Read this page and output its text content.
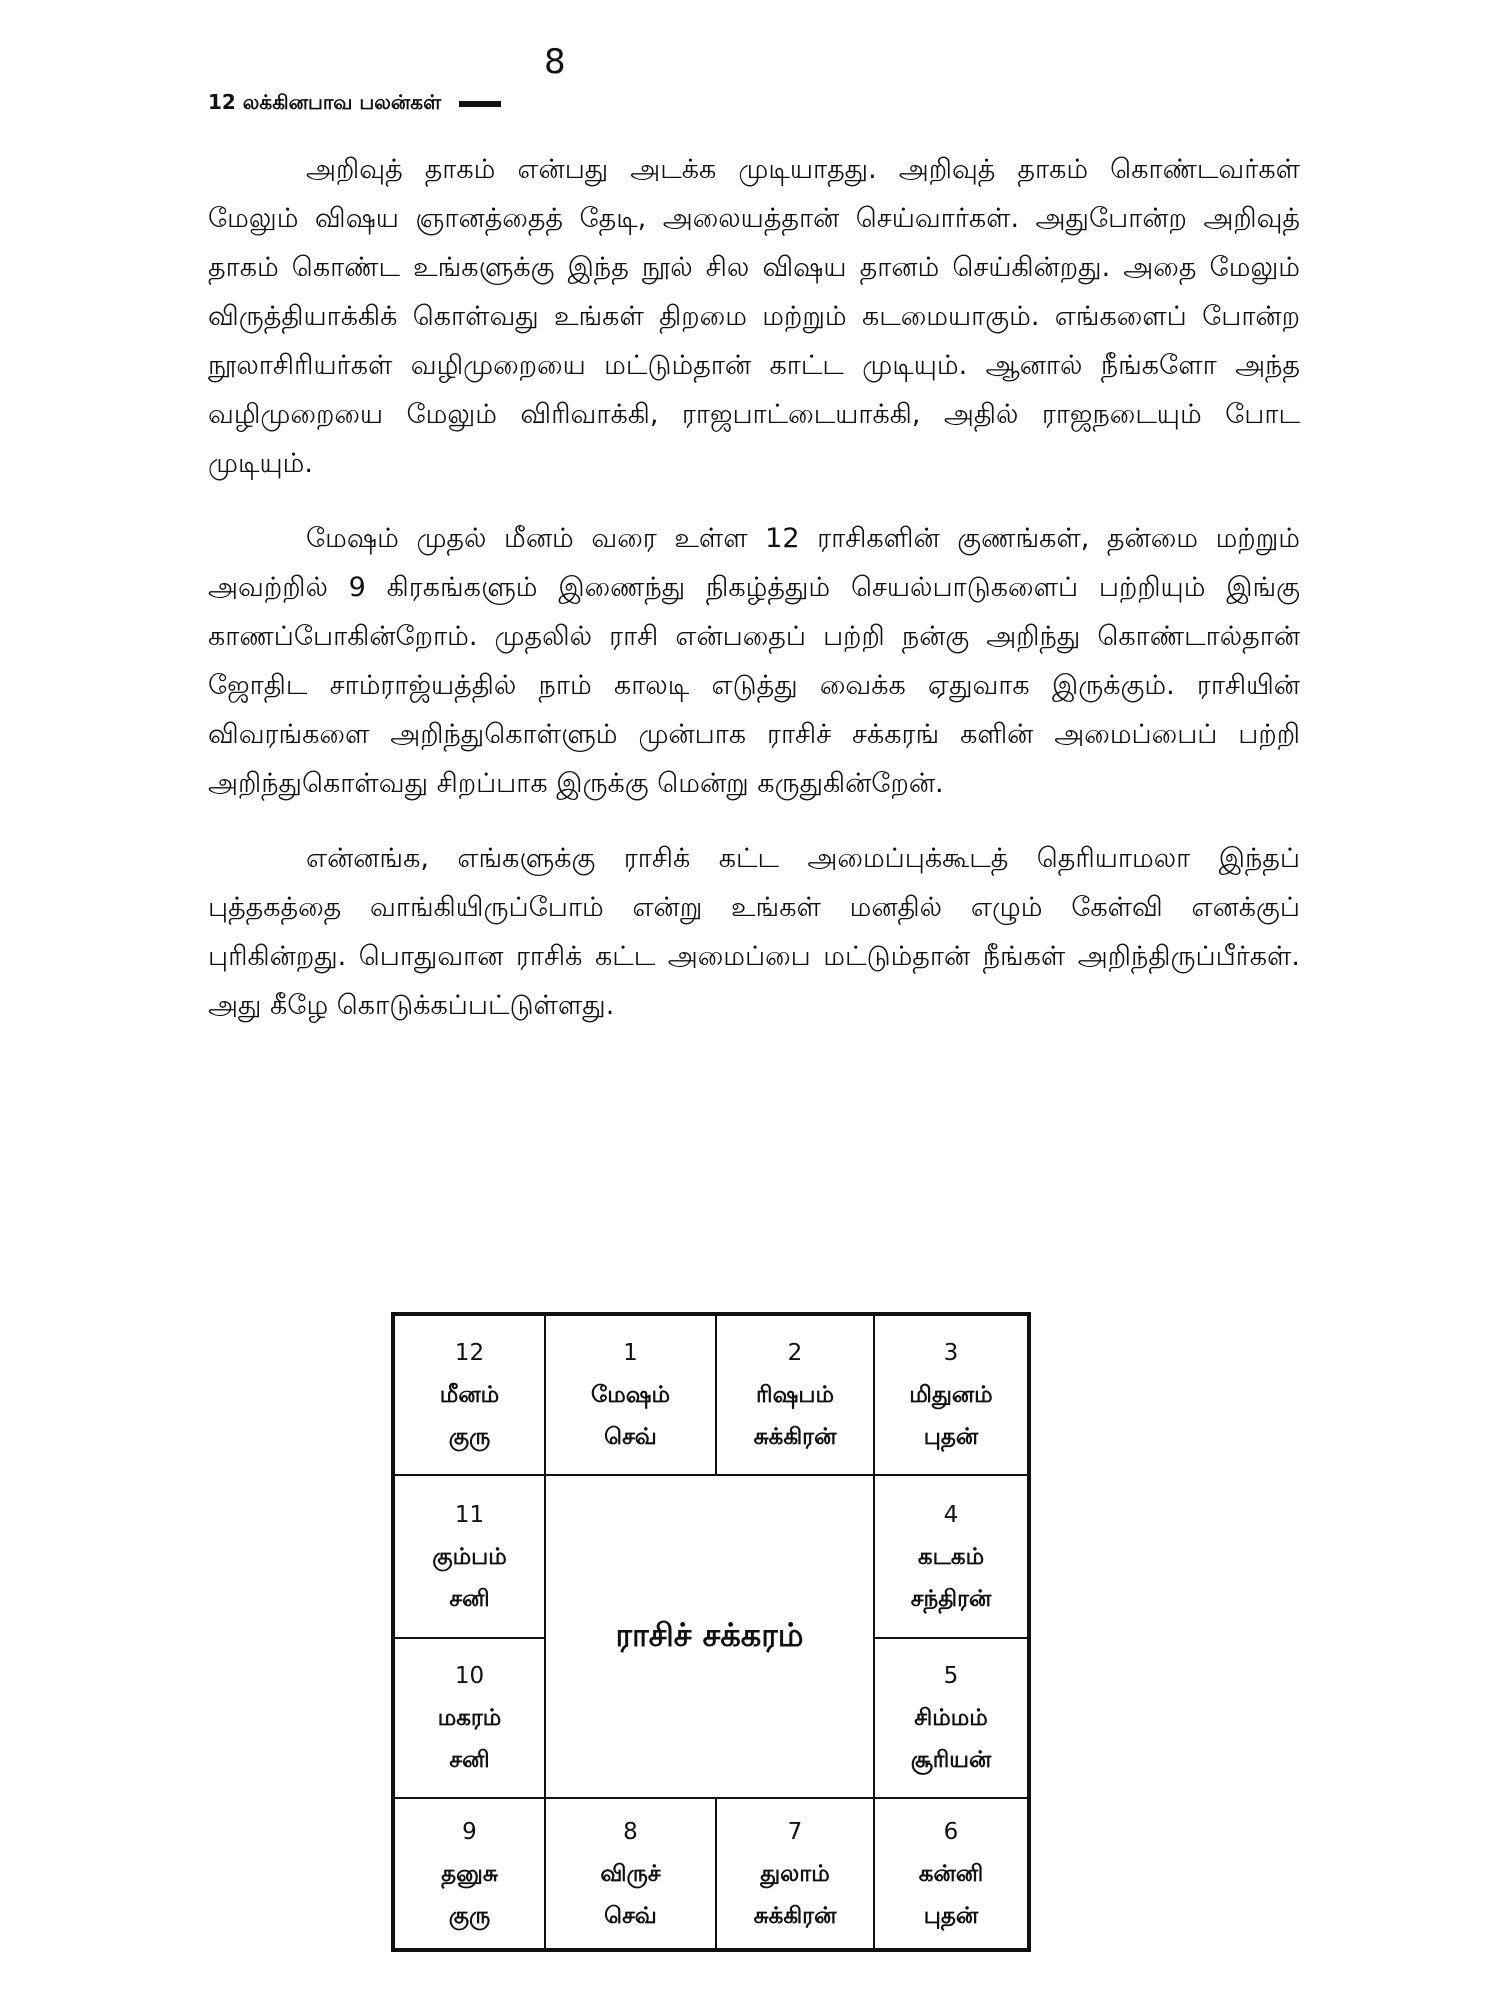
8
12 லக்கினபாவ பலன்கள்

அறிவுத் தாகம் என்பது அடக்க முடியாதது. அறிவுத் தாகம் கொண்டவர்கள் மேலும் விஷய ஞானத்தைத் தேடி, அலையத்தான் செய்வார்கள். அதுபோன்ற அறிவுத் தாகம் கொண்ட உங்களுக்கு இந்த நூல் சில விஷய தானம் செய்கின்றது. அதை மேலும் விருத்தியாக்கிக் கொள்வது உங்கள் திறமை மற்றும் கடமையாகும். எங்களைப் போன்ற நூலாசிரியர்கள் வழிமுறையை மட்டும்தான் காட்ட முடியும். ஆனால் நீங்களோ அந்த வழிமுறையை மேலும் விரிவாக்கி, ராஜபாட்டையாக்கி, அதில் ராஜநடையும் போட முடியும்.

மேஷம் முதல் மீனம் வரை உள்ள 12 ராசிகளின் குணங்கள், தன்மை மற்றும் அவற்றில் 9 கிரகங்களும் இணைந்து நிகழ்த்தும் செயல்பாடுகளைப் பற்றியும் இங்கு காணப்போகின்றோம். முதலில் ராசி என்பதைப் பற்றி நன்கு அறிந்து கொண்டால்தான் ஜோதிட சாம்ராஜ்யத்தில் நாம் காலடி எடுத்து வைக்க ஏதுவாக இருக்கும். ராசியின் விவரங்களை அறிந்துகொள்ளும் முன்பாக ராசிச் சக்கரங் களின் அமைப்பைப் பற்றி அறிந்துகொள்வது சிறப்பாக இருக்கு மென்று கருதுகின்றேன்.

என்னங்க, எங்களுக்கு ராசிக் கட்ட அமைப்புக்கூடத் தெரியாமலா இந்தப் புத்தகத்தை வாங்கியிருப்போம் என்று உங்கள் மனதில் எழும் கேள்வி எனக்குப் புரிகின்றது. பொதுவான ராசிக் கட்ட அமைப்பை மட்டும்தான் நீங்கள் அறிந்திருப்பீர்கள். அது கீழே கொடுக்கப்பட்டுள்ளது.

12
மீனம்
குரு
1
மேஷம்
செவ்
2
ரிஷபம்
சுக்கிரன்
3
மிதுனம்
புதன்
11
கும்பம்
சனி
ராசிச் சக்கரம்
4
கடகம்
சந்திரன்
10
மகரம்
சனி
5
சிம்மம்
சூரியன்
9
தனுசு
குரு
8
விருச்
செவ்
7
துலாம்
சுக்கிரன்
6
கன்னி
புதன்
